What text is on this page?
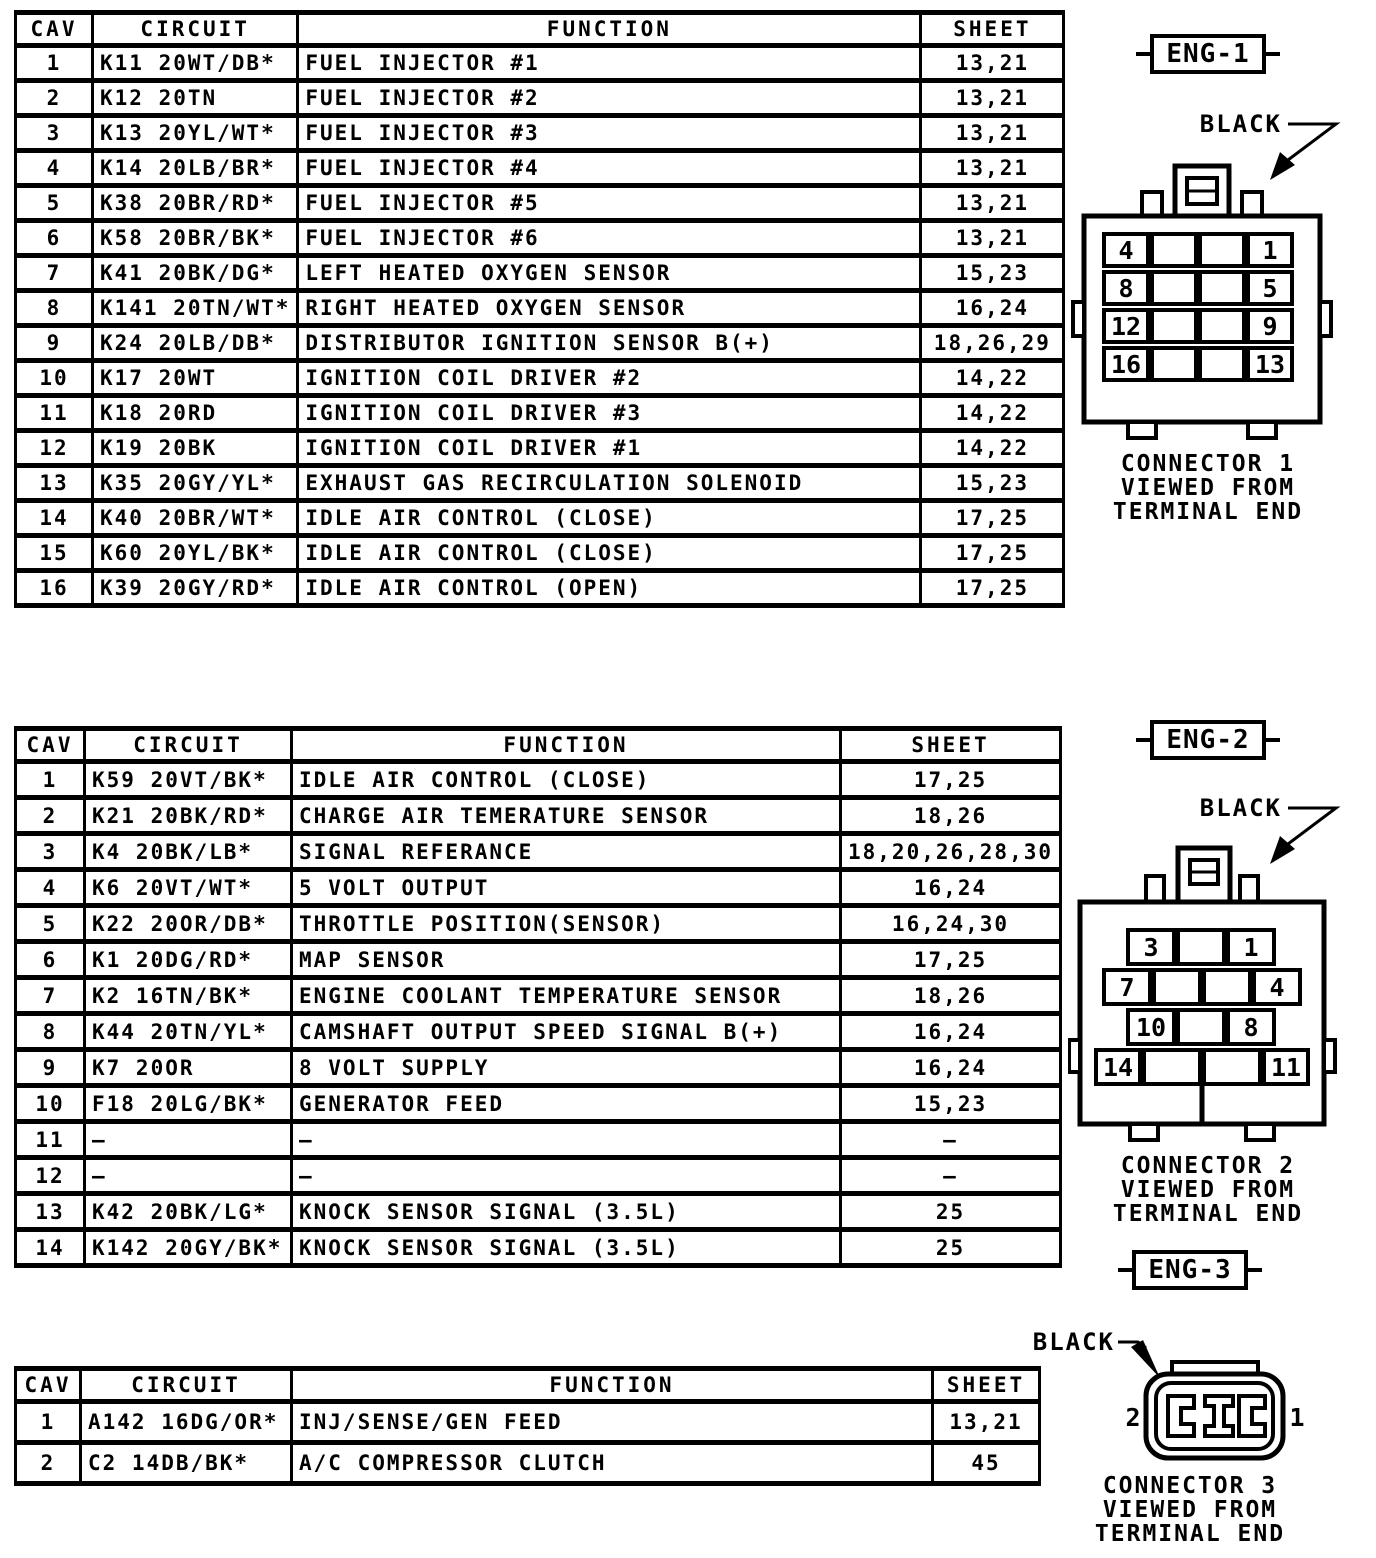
CAV	CIRCUIT	FUNCTION	SHEET
1	K11 20WT/DB*	FUEL INJECTOR #1	13,21
2	K12 20TN	FUEL INJECTOR #2	13,21
3	K13 20YL/WT*	FUEL INJECTOR #3	13,21
4	K14 20LB/BR*	FUEL INJECTOR #4	13,21
5	K38 20BR/RD*	FUEL INJECTOR #5	13,21
6	K58 20BR/BK*	FUEL INJECTOR #6	13,21
7	K41 20BK/DG*	LEFT HEATED OXYGEN SENSOR	15,23
8	K141 20TN/WT*	RIGHT HEATED OXYGEN SENSOR	16,24
9	K24 20LB/DB*	DISTRIBUTOR IGNITION SENSOR B(+)	18,26,29
10	K17 20WT	IGNITION COIL DRIVER #2	14,22
11	K18 20RD	IGNITION COIL DRIVER #3	14,22
12	K19 20BK	IGNITION COIL DRIVER #1	14,22
13	K35 20GY/YL*	EXHAUST GAS RECIRCULATION SOLENOID	15,23
14	K40 20BR/WT*	IDLE AIR CONTROL (CLOSE)	17,25
15	K60 20YL/BK*	IDLE AIR CONTROL (CLOSE)	17,25
16	K39 20GY/RD*	IDLE AIR CONTROL (OPEN)	17,25
CAV	CIRCUIT	FUNCTION	SHEET
1	K59 20VT/BK*	IDLE AIR CONTROL (CLOSE)	17,25
2	K21 20BK/RD*	CHARGE AIR TEMERATURE SENSOR	18,26
3	K4 20BK/LB*	SIGNAL REFERANCE	18,20,26,28,30
4	K6 20VT/WT*	5 VOLT OUTPUT	16,24
5	K22 20OR/DB*	THROTTLE POSITION(SENSOR)	16,24,30
6	K1 20DG/RD*	MAP SENSOR	17,25
7	K2 16TN/BK*	ENGINE COOLANT TEMPERATURE SENSOR	18,26
8	K44 20TN/YL*	CAMSHAFT OUTPUT SPEED SIGNAL B(+)	16,24
9	K7 20OR	8 VOLT SUPPLY	16,24
10	F18 20LG/BK*	GENERATOR FEED	15,23
11	—	—	—
12	—	—	—
13	K42 20BK/LG*	KNOCK SENSOR SIGNAL (3.5L)	25
14	K142 20GY/BK*	KNOCK SENSOR SIGNAL (3.5L)	25
CAV	CIRCUIT	FUNCTION	SHEET
1	A142 16DG/OR*	INJ/SENSE/GEN FEED	13,21
2	C2 14DB/BK*	A/C COMPRESSOR CLUTCH	45
ENG-1
BLACK
4	1
8	5
12	9
16	13
CONNECTOR 1
VIEWED FROM
TERMINAL END
ENG-2
BLACK
3	1
7	4
10	8
14	11
CONNECTOR 2
VIEWED FROM
TERMINAL END
ENG-3
BLACK
2	1
CONNECTOR 3
VIEWED FROM
TERMINAL END
